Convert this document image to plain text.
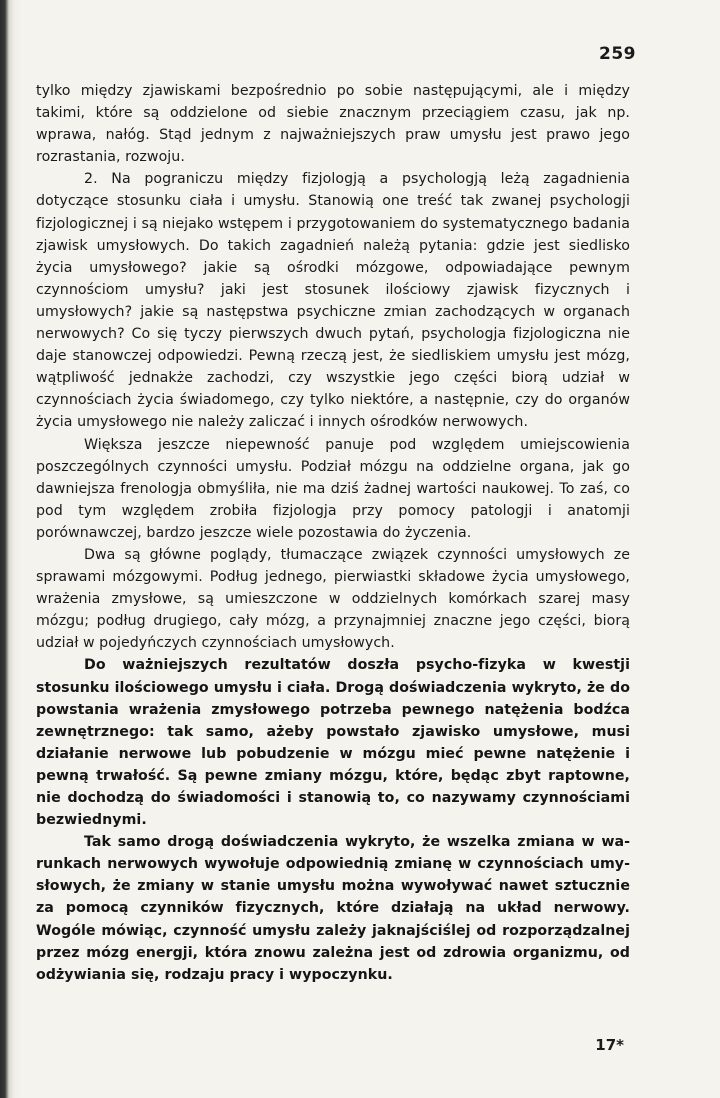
259

tylko między zjawiskami bezpośrednio po sobie następującymi, ale i między takimi, które są oddzielone od siebie znacznym przeciągiem czasu, jak np. wprawa, nałóg. Stąd jednym z najważniejszych praw umysłu jest prawo jego rozrastania, rozwoju.

2. Na pograniczu między fizjologją a psychologją leżą zagadnienia dotyczące stosunku ciała i umysłu. Stanowią one treść tak zwanej psychologji fizjologicznej i są niejako wstępem i przygotowaniem do systematycznego badania zjawisk umysłowych. Do takich zagadnień należą pytania: gdzie jest siedlisko życia umysłowego? jakie są ośrodki mózgowe, odpowiadające pewnym czynnościom umysłu? jaki jest stosunek ilościowy zjawisk fizycznych i umysłowych? jakie są następstwa psychiczne zmian zachodzących w organach nerwowych? Co się tyczy pierwszych dwuch pytań, psychologja fizjologiczna nie daje stanowczej odpowiedzi. Pewną rzeczą jest, że siedliskiem umysłu jest mózg, wątpliwość jednakże zachodzi, czy wszystkie jego części biorą udział w czynnościach życia świadomego, czy tylko niektóre, a następnie, czy do organów życia umysłowego nie należy zaliczać i innych ośrodków nerwowych.

Większa jeszcze niepewność panuje pod względem umiejscowienia poszczególnych czynności umysłu. Podział mózgu na oddzielne organa, jak go dawniejsza frenologja obmyśliła, nie ma dziś żadnej wartości naukowej. To zaś, co pod tym względem zrobiła fizjologja przy pomocy patologji i anatomji porównawczej, bardzo jeszcze wiele pozostawia do życzenia.

Dwa są główne poglądy, tłumaczące związek czynności umysłowych ze sprawami mózgowymi. Podług jednego, pierwiastki składowe życia umysłowego, wrażenia zmysłowe, są umieszczone w oddzielnych komórkach szarej masy mózgu; podług drugiego, cały mózg, a przynajmniej znaczne jego części, biorą udział w pojedyńczych czynnościach umysłowych.

Do ważniejszych rezultatów doszła psycho-fizyka w kwestji stosunku ilościowego umysłu i ciała. Drogą doświadczenia wykryto, że do powstania wrażenia zmysłowego potrzeba pewnego natężenia bodźca zewnętrznego: tak samo, ażeby powstało zjawisko umysłowe, musi działanie nerwowe lub pobudzenie w mózgu mieć pewne natężenie i pewną trwałość. Są pewne zmiany mózgu, które, będąc zbyt raptowne, nie dochodzą do świadomości i stanowią to, co nazywamy czynnościami bezwiednymi.

Tak samo drogą doświadczenia wykryto, że wszelka zmiana w warunkach nerwowych wywołuje odpowiednią zmianę w czynnościach umysłowych, że zmiany w stanie umysłu można wywoływać nawet sztucznie za pomocą czynników fizycznych, które działają na układ nerwowy. Wogóle mówiąc, czynność umysłu zależy jaknajściślej od rozporządzalnej przez mózg energji, która znowu zależna jest od zdrowia organizmu, od odżywiania się, rodzaju pracy i wypoczynku.

17*
